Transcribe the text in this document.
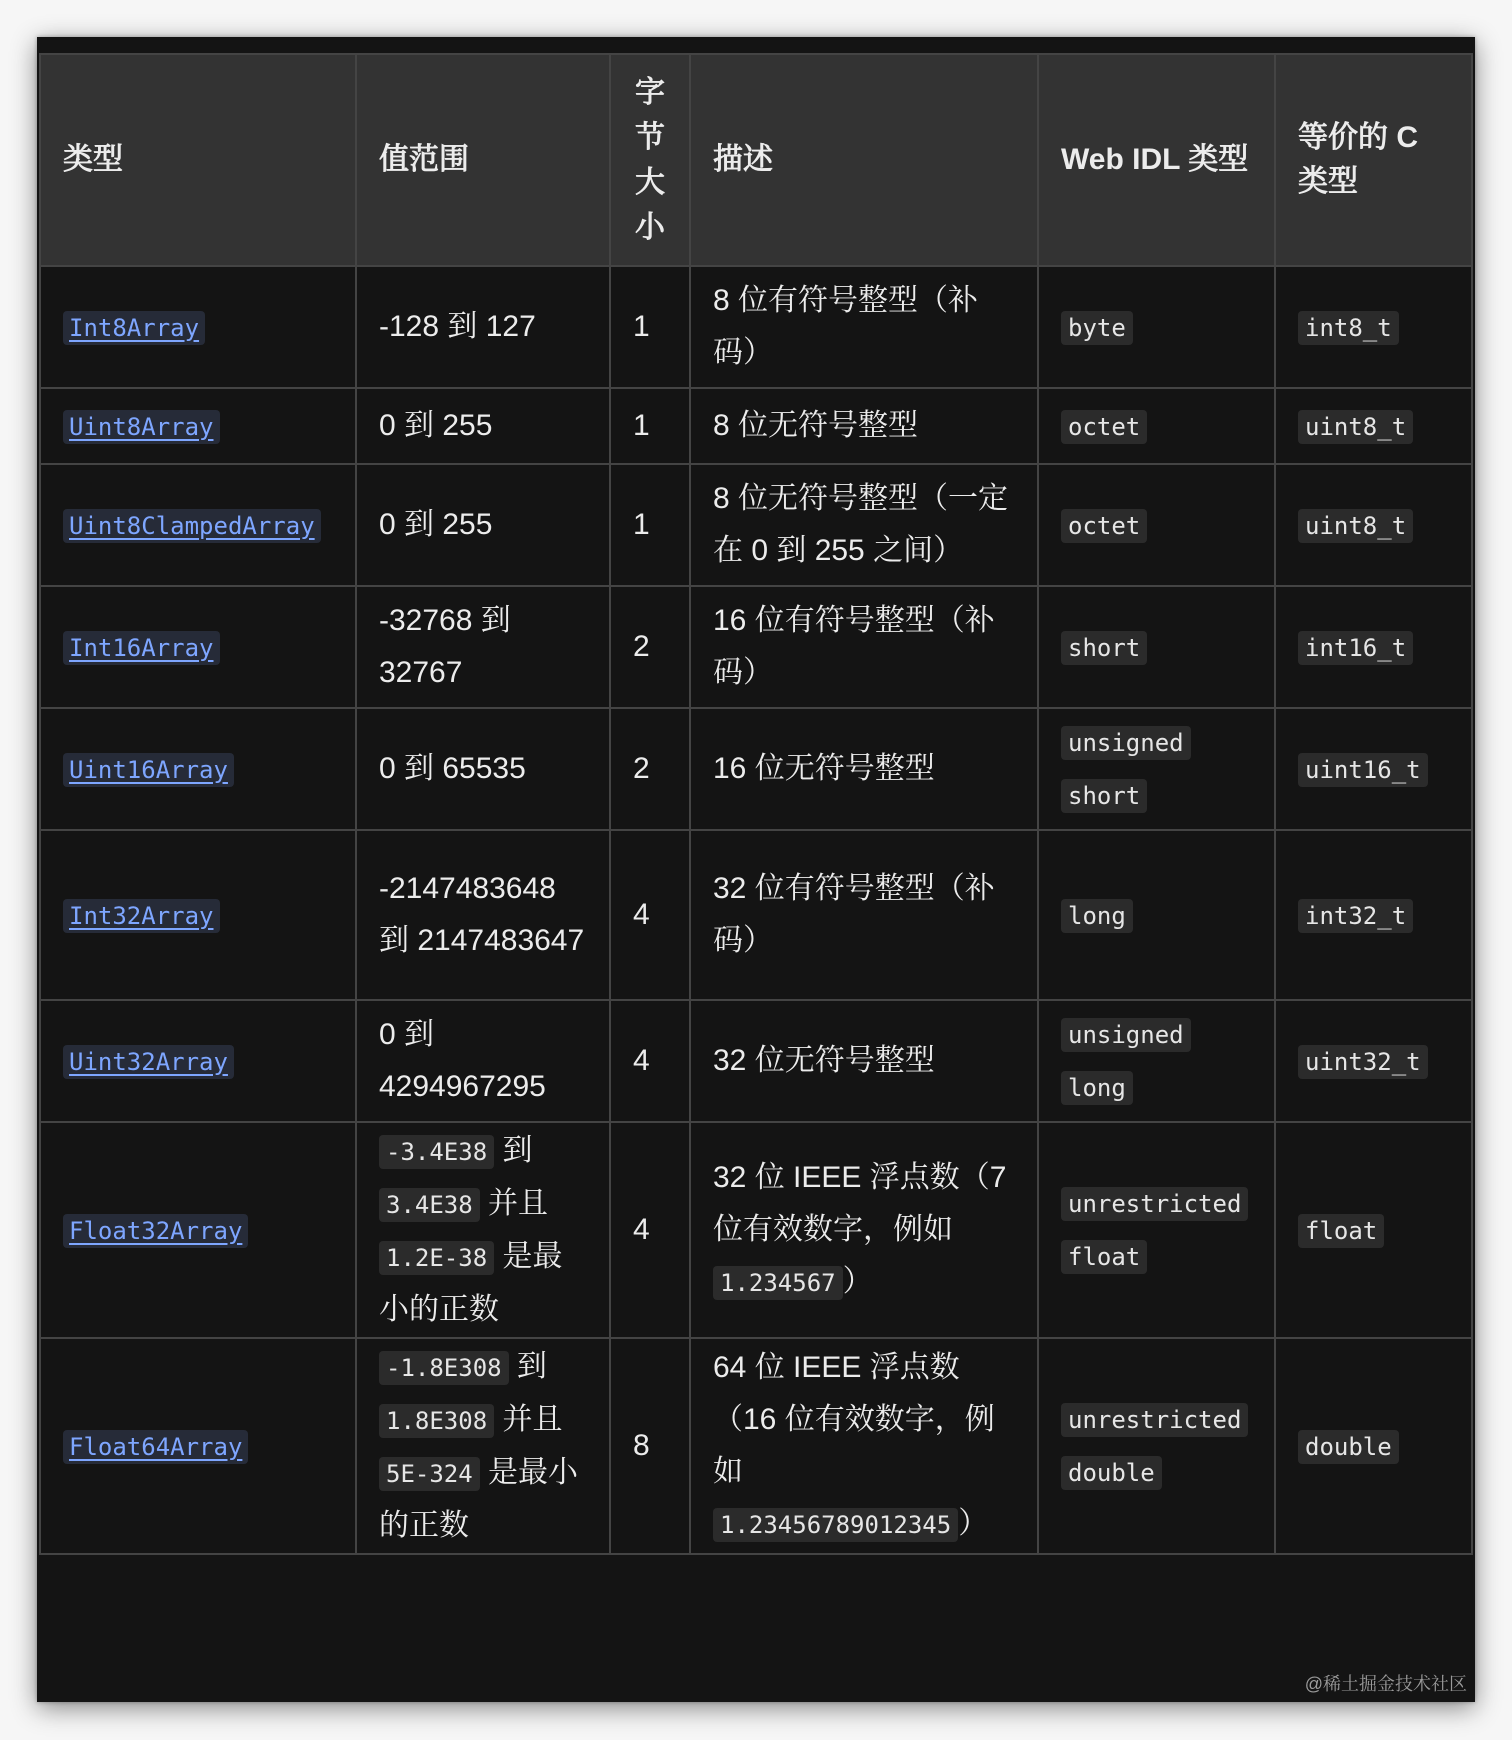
类型	值范围	字节大小	描述	Web IDL 类型	等价的 C 类型
Int8Array	-128 到 127	1	8 位有符号整型（补码）	byte	int8_t
Uint8Array	0 到 255	1	8 位无符号整型	octet	uint8_t
Uint8ClampedArray	0 到 255	1	8 位无符号整型（一定在 0 到 255 之间）	octet	uint8_t
Int16Array	-32768 到 32767	2	16 位有符号整型（补码）	short	int16_t
Uint16Array	0 到 65535	2	16 位无符号整型	unsigned short	uint16_t
Int32Array	-2147483648 到 2147483647	4	32 位有符号整型（补码）	long	int32_t
Uint32Array	0 到 4294967295	4	32 位无符号整型	unsigned long	uint32_t
Float32Array	-3.4E38 到 3.4E38 并且 1.2E-38 是最小的正数	4	32 位 IEEE 浮点数（7 位有效数字，例如 1.234567 ）	unrestricted float	float
Float64Array	-1.8E308 到 1.8E308 并且 5E-324 是最小的正数	8	64 位 IEEE 浮点数（16 位有效数字，例如 1.23456789012345 ）	unrestricted double	double
@稀土掘金技术社区
